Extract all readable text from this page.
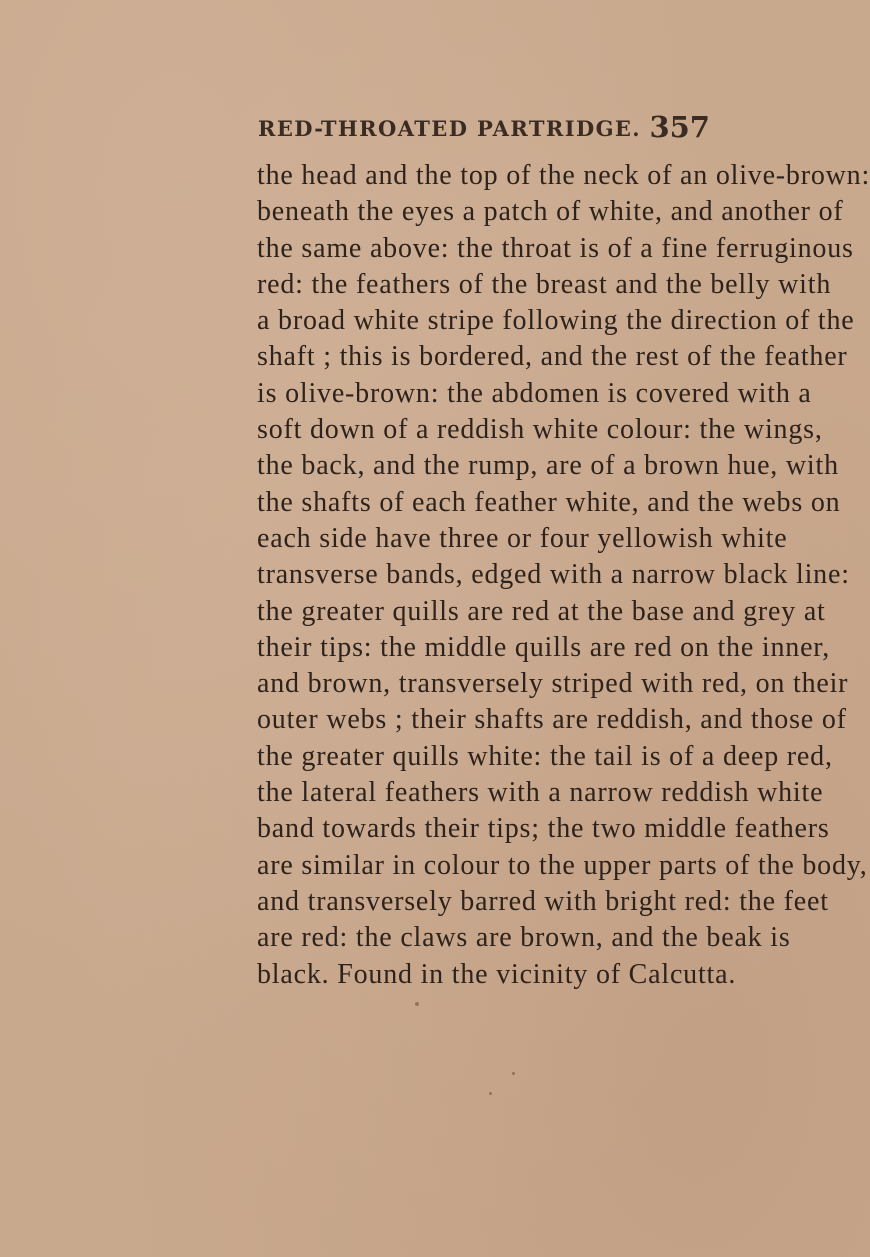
RED-THROATED PARTRIDGE. 357

the head and the top of the neck of an olive-brown:
beneath the eyes a patch of white, and another of
the same above: the throat is of a fine ferruginous
red: the feathers of the breast and the belly with
a broad white stripe following the direction of the
shaft ; this is bordered, and the rest of the feather
is olive-brown: the abdomen is covered with a
soft down of a reddish white colour: the wings,
the back, and the rump, are of a brown hue, with
the shafts of each feather white, and the webs on
each side have three or four yellowish white
transverse bands, edged with a narrow black line:
the greater quills are red at the base and grey at
their tips: the middle quills are red on the inner,
and brown, transversely striped with red, on their
outer webs ; their shafts are reddish, and those of
the greater quills white: the tail is of a deep red,
the lateral feathers with a narrow reddish white
band towards their tips; the two middle feathers
are similar in colour to the upper parts of the body,
and transversely barred with bright red: the feet
are red: the claws are brown, and the beak is
black. Found in the vicinity of Calcutta.
